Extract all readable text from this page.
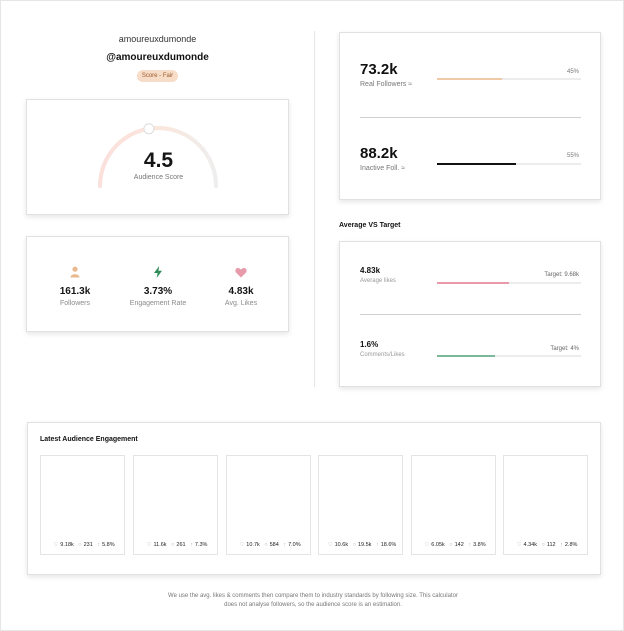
amoureuxdumonde
@amoureuxdumonde
Score - Fair
4.5
Audience Score
161.3k
Followers
3.73%
Engagement Rate
4.83k
Avg. Likes
73.2k
Real Followers ≈
45%
88.2k
Inactive Foll. ≈
55%
Average VS Target
4.83k
Average likes
Target: 9.68k
1.6%
Comments/Likes
Target: 4%
Latest Audience Engagement
♡ 9.18k ○ 231 ↑ 5.8%	♡ 11.6k ○ 261 ↑ 7.3%	♡ 10.7k ○ 584 ↑ 7.0%	♡ 10.6k ○ 19.5k ↑ 18.6%	♡ 6.05k ○ 142 ↑ 3.8%	♡ 4.34k ○ 112 ↑ 2.8%
We use the avg. likes & comments then compare them to industry standards by following size. This calculator does not analyse followers, so the audience score is an estimation.
